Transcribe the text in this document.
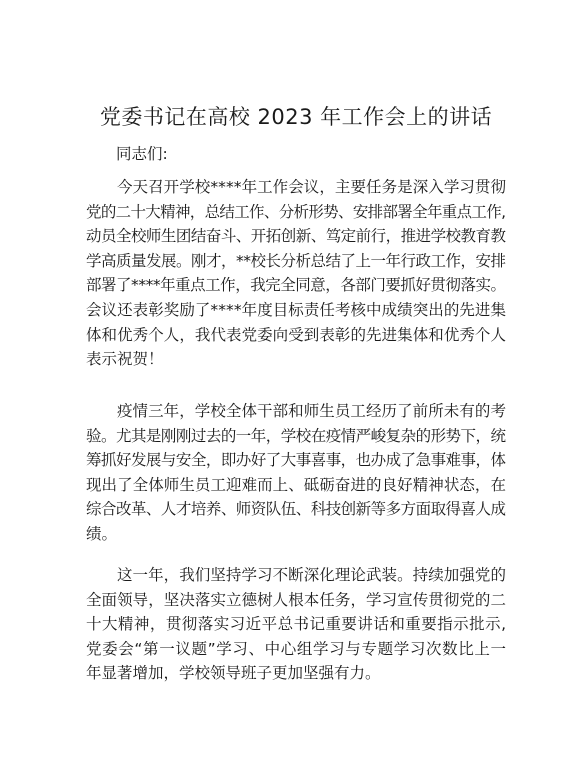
党委书记在高校 2023 年工作会上的讲话

同志们:

今天召开学校****年工作会议，主要任务是深入学习贯彻
党的二十大精神，总结工作、分析形势、安排部署全年重点工作,
动员全校师生团结奋斗、开拓创新、笃定前行，推进学校教育教
学高质量发展。刚才，**校长分析总结了上一年行政工作，安排
部署了****年重点工作，我完全同意，各部门要抓好贯彻落实。
会议还表彰奖励了****年度目标责任考核中成绩突出的先进集
体和优秀个人，我代表党委向受到表彰的先进集体和优秀个人
表示祝贺！
疫情三年，学校全体干部和师生员工经历了前所未有的考
验。尤其是刚刚过去的一年，学校在疫情严峻复杂的形势下，统
筹抓好发展与安全，即办好了大事喜事，也办成了急事难事，体
现出了全体师生员工迎难而上、砥砺奋进的良好精神状态，在
综合改革、人才培养、师资队伍、科技创新等多方面取得喜人成
绩。
这一年，我们坚持学习不断深化理论武装。持续加强党的
全面领导，坚决落实立德树人根本任务，学习宣传贯彻党的二
十大精神，贯彻落实习近平总书记重要讲话和重要指示批示,
党委会“第一议题”学习、中心组学习与专题学习次数比上一
年显著增加，学校领导班子更加坚强有力。
